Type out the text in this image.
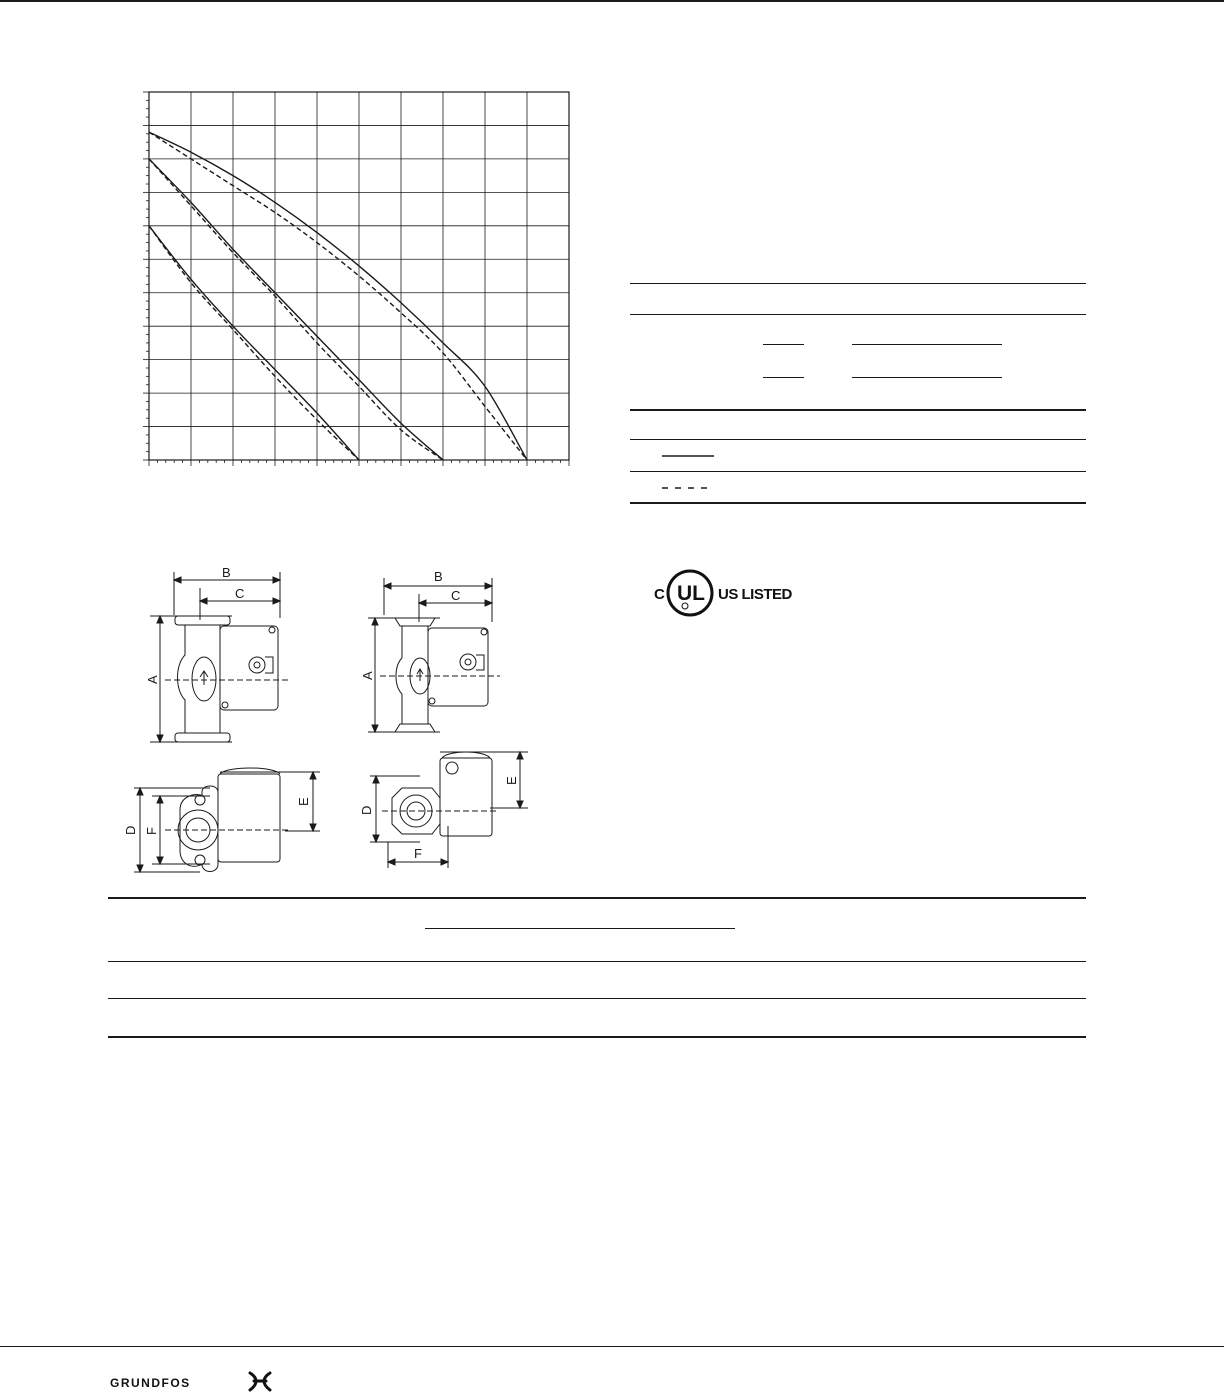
C UL US LISTED
B
C
A
B
C
A
D F
E
D
F
E
GRUNDFOS
